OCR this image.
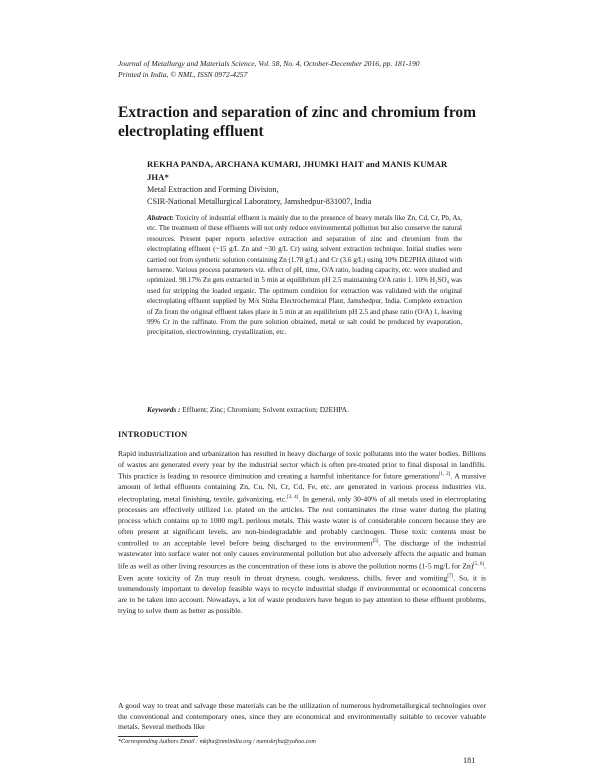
Journal of Metallurgy and Materials Science, Vol. 58, No. 4, October-December 2016, pp. 181-190
Printed in India, © NML, ISSN 0972-4257
Extraction and separation of zinc and chromium from electroplating effluent
REKHA PANDA, ARCHANA KUMARI, JHUMKI HAIT and MANIS KUMAR JHA*
Metal Extraction and Forming Division,
CSIR-National Metallurgical Laboratory, Jamshedpur-831007, India
Abstract: Toxicity of industrial effluent is mainly due to the presence of heavy metals like Zn, Cd, Cr, Pb, As, etc. The treatment of these effluents will not only reduce environmental pollution but also conserve the natural resources. Present paper reports selective extraction and separation of zinc and chromium from the electroplating effluent (~15 g/L Zn and ~30 g/L Cr) using solvent extraction technique. Initial studies were carried out from synthetic solution containing Zn (1.78 g/L) and Cr (3.6 g/L) using 10% DE2PHA diluted with kerosene. Various process parameters viz. effect of pH, time, O/A ratio, loading capacity, etc. were studied and optimized. 98.17% Zn gets extracted in 5 min at equilibrium pH 2.5 maintaining O/A ratio 1. 10% H₂SO₄ was used for stripping the loaded organic. The optimum condition for extraction was validated with the original electroplating effluent supplied by M/s Sinha Electrochemical Plant, Jamshedpur, India. Complete extraction of Zn from the original effluent takes place in 5 min at an equilibrium pH 2.5 and phase ratio (O/A) 1, leaving 99% Cr in the raffinate. From the pure solution obtained, metal or salt could be produced by evaporation, precipitation, electrowinning, crystallization, etc.
Keywords : Effluent; Zinc; Chromium; Solvent extraction; D2EHPA.
INTRODUCTION

Rapid industrialization and urbanization has resulted in heavy discharge of toxic pollutants into the water bodies. Billions of wastes are generated every year by the industrial sector which is often pre-treated prior to final disposal in landfills. This practice is leading to resource diminution and creating a harmful inheritance for future generations[1, 2]. A massive amount of lethal effluents containing Zn, Cu, Ni, Cr, Cd, Fe, etc. are generated in various process industries viz. electroplating, metal finishing, textile, galvanizing, etc.[3, 4]. In general, only 30-40% of all metals used in electroplating processes are effectively utilized i.e. plated on the articles. The rest contaminates the rinse water during the plating process which contains up to 1000 mg/L perilous metals. This waste water is of considerable concern because they are often present at significant levels, are non-biodegradable and probably carcinogen. These toxic contents must be controlled to an acceptable level before being discharged to the environment[5]. The discharge of the industrial wastewater into surface water not only causes environmental pollution but also adversely affects the aquatic and human life as well as other living resources as the concentration of these ions is above the pollution norms (1-5 mg/L for Zn)[5, 6]. Even acute toxicity of Zn may result in throat dryness, cough, weakness, chills, fever and vomiting[7]. So, it is tremendously important to develop feasible ways to recycle industrial sludge if environmental or economical concerns are to be taken into account. Nowadays, a lot of waste producers have begun to pay attention to these effluent problems, trying to solve them as better as possible.

A good way to treat and salvage these materials can be the utilization of numerous hydrometallurgical technologies over the conventional and contemporary ones, since they are economical and environmentally suitable to recover valuable metals. Several methods like

*Corresponding Authors Email : mkjha@nmlindia.org / maniskrjha@yahoo.com
181
